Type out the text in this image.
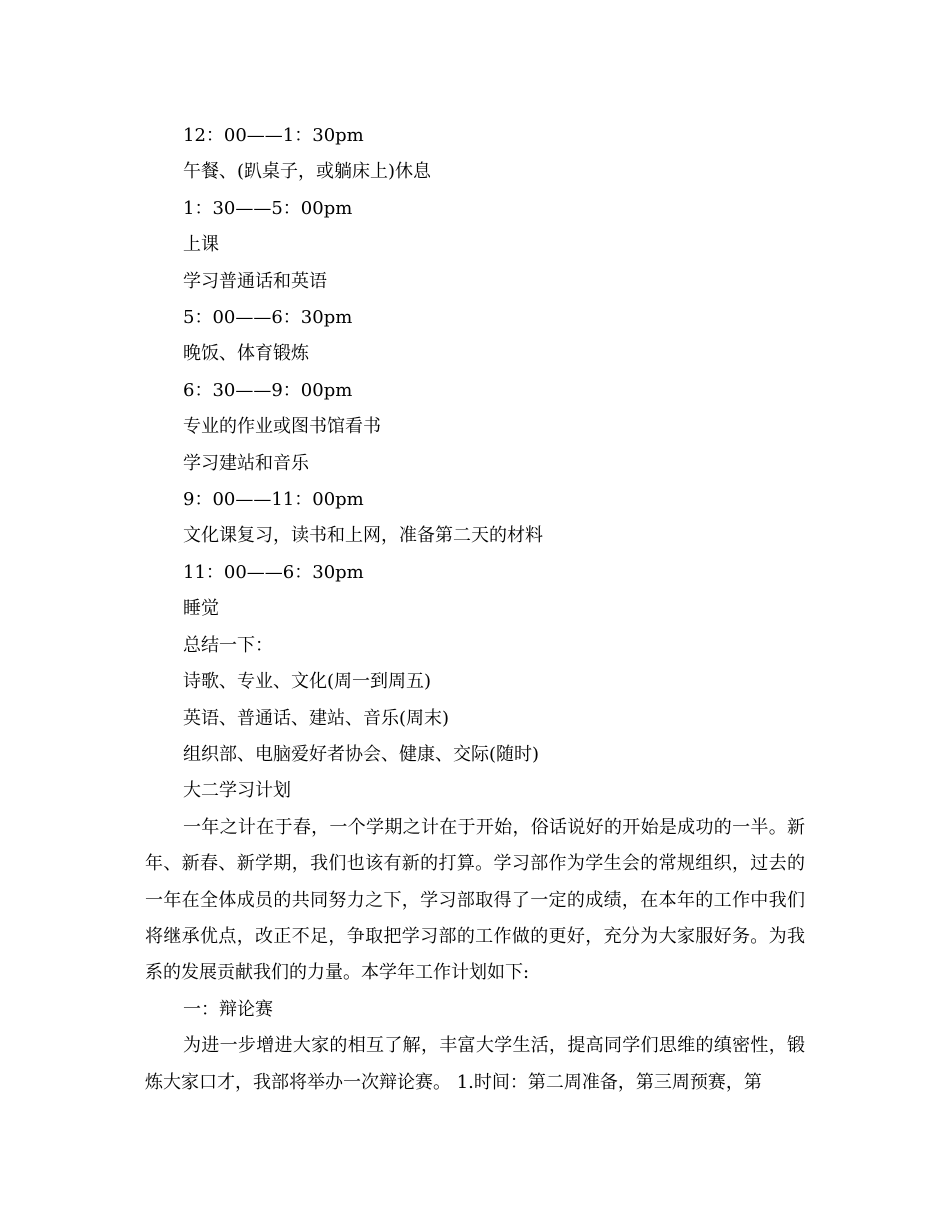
12：00——1：30pm

午餐、(趴桌子，或躺床上)休息

1：30——5：00pm

上课

学习普通话和英语

5：00——6：30pm

晚饭、体育锻炼

6：30——9：00pm

专业的作业或图书馆看书

学习建站和音乐

9：00——11：00pm

文化课复习，读书和上网，准备第二天的材料

11：00——6：30pm

睡觉

总结一下：

诗歌、专业、文化(周一到周五)

英语、普通话、建站、音乐(周末)

组织部、电脑爱好者协会、健康、交际(随时)

大二学习计划

一年之计在于春，一个学期之计在于开始，俗话说好的开始是成功的一半。新年、新春、新学期，我们也该有新的打算。学习部作为学生会的常规组织，过去的一年在全体成员的共同努力之下，学习部取得了一定的成绩，在本年的工作中我们将继承优点，改正不足，争取把学习部的工作做的更好，充分为大家服好务。为我系的发展贡献我们的力量。本学年工作计划如下:

一：辩论赛

为进一步增进大家的相互了解，丰富大学生活，提高同学们思维的缜密性，锻炼大家口才，我部将举办一次辩论赛。 1.时间：第二周准备，第三周预赛，第
